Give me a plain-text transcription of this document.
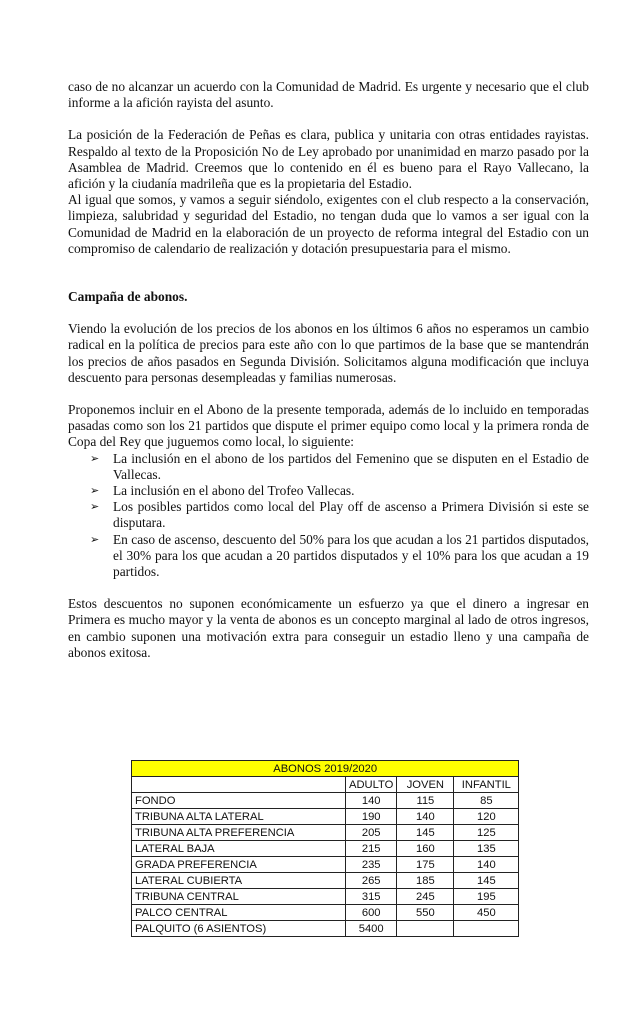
caso de no alcanzar un acuerdo con la Comunidad de Madrid. Es urgente y necesario que el club informe a la afición rayista del asunto.

La posición de la Federación de Peñas es clara, publica y unitaria con otras entidades rayistas. Respaldo al texto de la Proposición No de Ley aprobado por unanimidad en marzo pasado por la Asamblea de Madrid. Creemos que lo contenido en él es bueno para el Rayo Vallecano, la afición y la ciudanía madrileña que es la propietaria del Estadio.

Al igual que somos, y vamos a seguir siéndolo, exigentes con el club respecto a la conservación, limpieza, salubridad y seguridad del Estadio, no tengan duda que lo vamos a ser igual con la Comunidad de Madrid en la elaboración de un proyecto de reforma integral del Estadio con un compromiso de calendario de realización y dotación presupuestaria para el mismo.

Campaña de abonos.

Viendo la evolución de los precios de los abonos en los últimos 6 años no esperamos un cambio radical en la política de precios para este año con lo que partimos de la base que se mantendrán los precios de años pasados en Segunda División. Solicitamos alguna modificación que incluya descuento para personas desempleadas y familias numerosas.

Proponemos incluir en el Abono de la presente temporada, además de lo incluido en temporadas pasadas como son los 21 partidos que dispute el primer equipo como local y la primera ronda de Copa del Rey que juguemos como local, lo siguiente:

➢ La inclusión en el abono de los partidos del Femenino que se disputen en el Estadio de Vallecas.
➢ La inclusión en el abono del Trofeo Vallecas.
➢ Los posibles partidos como local del Play off de ascenso a Primera División si este se disputara.
➢ En caso de ascenso, descuento del 50% para los que acudan a los 21 partidos disputados, el 30% para los que acudan a 20 partidos disputados y el 10% para los que acudan a 19 partidos.

Estos descuentos no suponen económicamente un esfuerzo ya que el dinero a ingresar en Primera es mucho mayor y la venta de abonos es un concepto marginal al lado de otros ingresos, en cambio suponen una motivación extra para conseguir un estadio lleno y una campaña de abonos exitosa.

ABONOS 2019/2020			
	ADULTO	JOVEN	INFANTIL
FONDO	140	115	85
TRIBUNA ALTA LATERAL	190	140	120
TRIBUNA ALTA PREFERENCIA	205	145	125
LATERAL BAJA	215	160	135
GRADA PREFERENCIA	235	175	140
LATERAL CUBIERTA	265	185	145
TRIBUNA CENTRAL	315	245	195
PALCO CENTRAL	600	550	450
PALQUITO (6 ASIENTOS)	5400		
